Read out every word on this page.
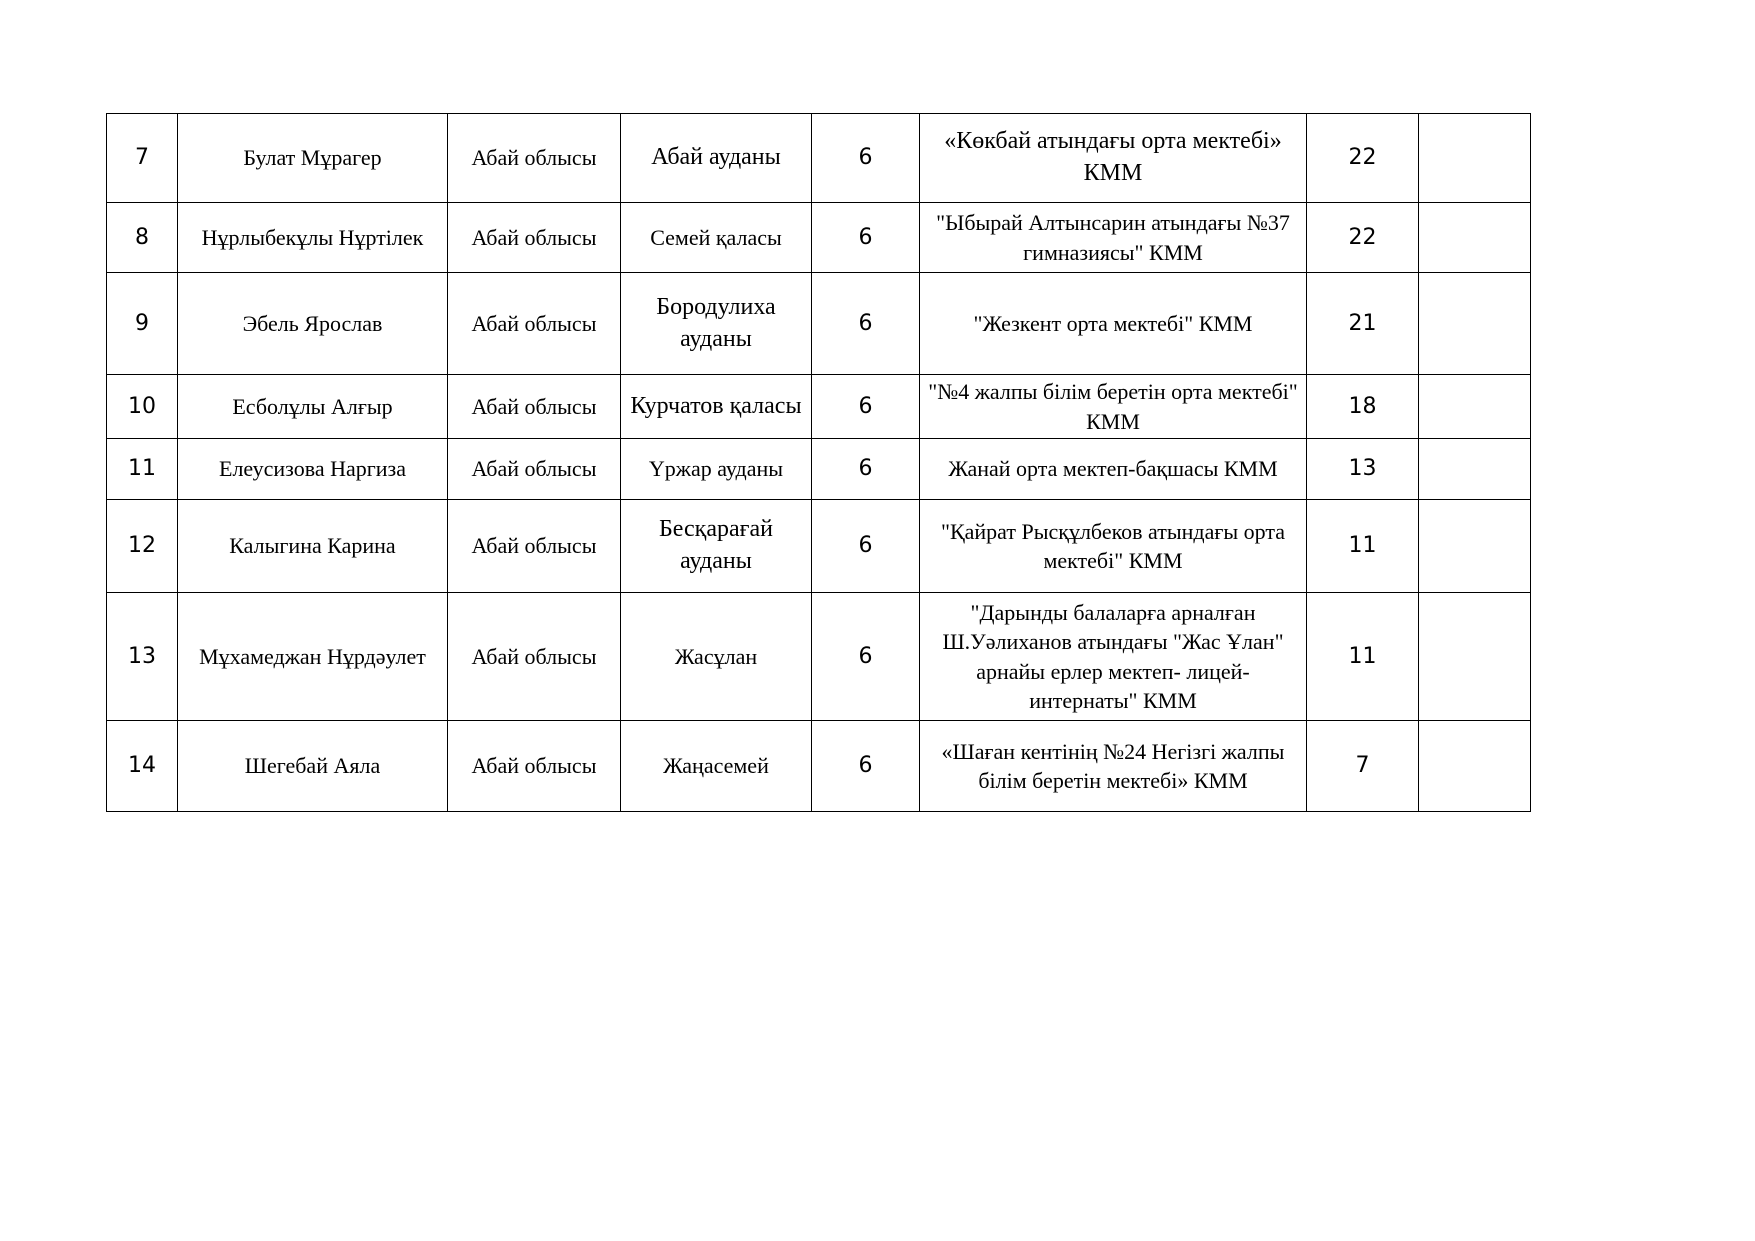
7	Булат Мұрагер	Абай облысы	Абай ауданы	6	«Көкбай атындағы орта мектебі» КММ	22	
8	Нұрлыбекұлы Нұртілек	Абай облысы	Семей қаласы	6	"Ыбырай Алтынсарин атындағы №37 гимназиясы" КММ	22	
9	Эбель Ярослав	Абай облысы	Бородулиха ауданы	6	"Жезкент орта мектебі" КММ	21	
10	Есболұлы Алғыр	Абай облысы	Курчатов қаласы	6	"№4 жалпы білім беретін орта мектебі" КММ	18	
11	Елеусизова Наргиза	Абай облысы	Үржар ауданы	6	Жанай орта мектеп-бақшасы КММ	13	
12	Калыгина Карина	Абай облысы	Бесқарағай ауданы	6	"Қайрат Рысқұлбеков атындағы орта мектебі" КММ	11	
13	Мұхамеджан Нұрдәулет	Абай облысы	Жасұлан	6	"Дарынды балаларға арналған Ш.Уәлиханов атындағы "Жас Ұлан" арнайы ерлер мектеп- лицей-интернаты" КММ	11	
14	Шегебай Аяла	Абай облысы	Жаңасемей	6	«Шаған кентінің №24 Негізгі жалпы білім беретін мектебі» КММ	7	
